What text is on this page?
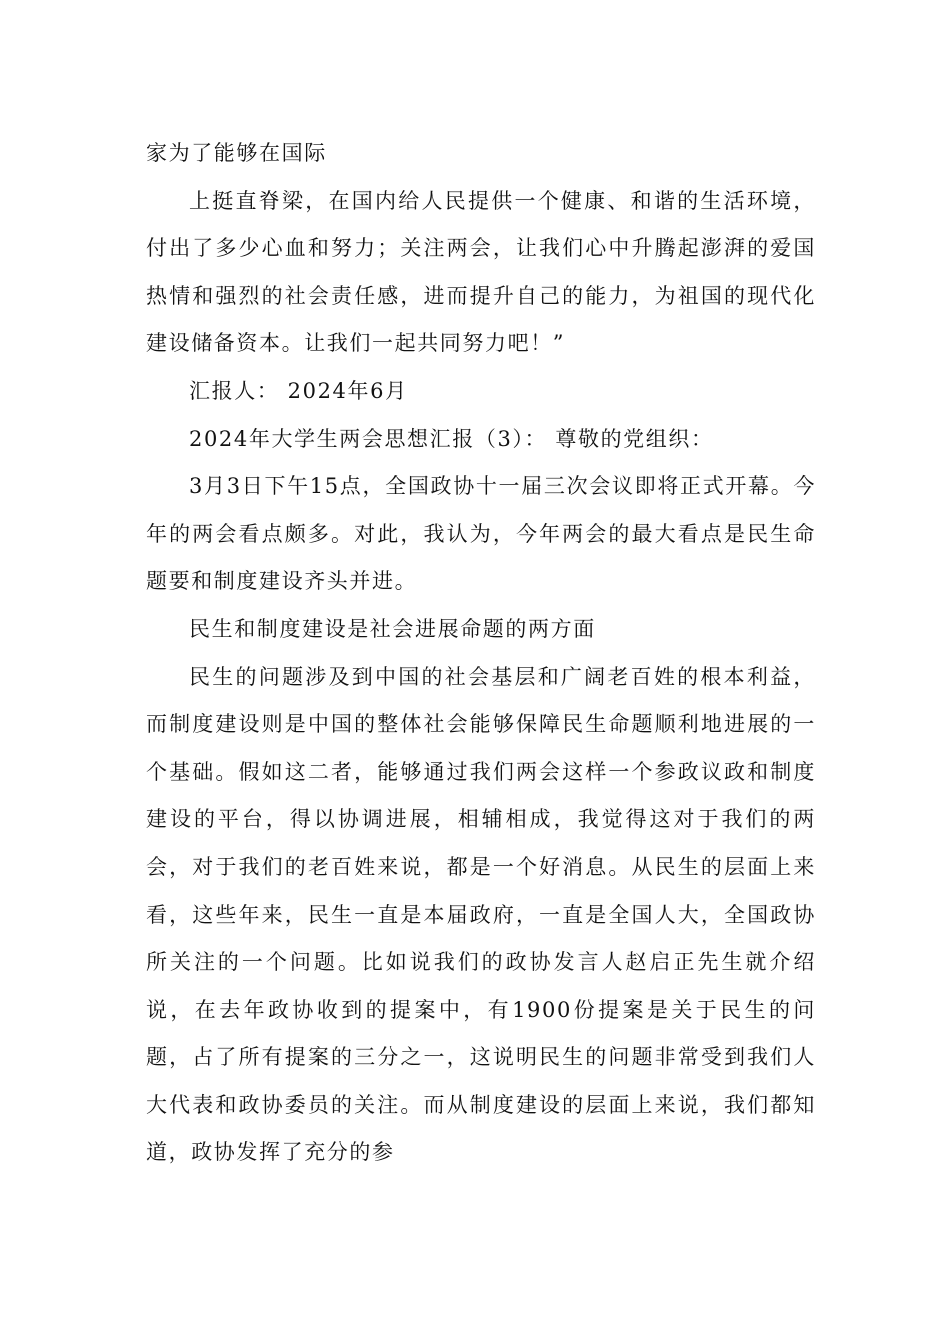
家为了能够在国际

上挺直脊梁，在国内给人民提供一个健康、和谐的生活环境，付出了多少心血和努力；关注两会，让我们心中升腾起澎湃的爱国热情和强烈的社会责任感，进而提升自己的能力，为祖国的现代化建设储备资本。让我们一起共同努力吧！”

汇报人： 2024年6月

2024年大学生两会思想汇报（3）： 尊敬的党组织：

3月3日下午15点，全国政协十一届三次会议即将正式开幕。今年的两会看点颇多。对此，我认为，今年两会的最大看点是民生命题要和制度建设齐头并进。

民生和制度建设是社会进展命题的两方面

民生的问题涉及到中国的社会基层和广阔老百姓的根本利益，而制度建设则是中国的整体社会能够保障民生命题顺利地进展的一个基础。假如这二者，能够通过我们两会这样一个参政议政和制度建设的平台，得以协调进展，相辅相成，我觉得这对于我们的两会，对于我们的老百姓来说，都是一个好消息。从民生的层面上来看，这些年来，民生一直是本届政府，一直是全国人大，全国政协所关注的一个问题。比如说我们的政协发言人赵启正先生就介绍说，在去年政协收到的提案中，有1900份提案是关于民生的问题，占了所有提案的三分之一，这说明民生的问题非常受到我们人大代表和政协委员的关注。而从制度建设的层面上来说，我们都知道，政协发挥了充分的参
